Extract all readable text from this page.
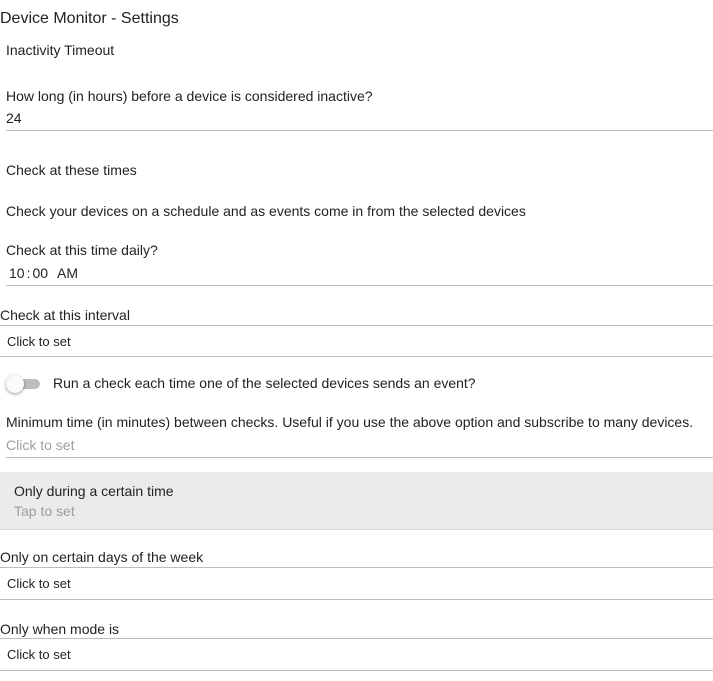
Device Monitor - Settings
Inactivity Timeout
How long (in hours) before a device is considered inactive?
24
Check at these times
Check your devices on a schedule and as events come in from the selected devices
Check at this time daily?
10 : 00 AM
Check at this interval
Click to set
Run a check each time one of the selected devices sends an event?
Minimum time (in minutes) between checks. Useful if you use the above option and subscribe to many devices.
Click to set
Only during a certain time
Tap to set
Only on certain days of the week
Click to set
Only when mode is
Click to set
